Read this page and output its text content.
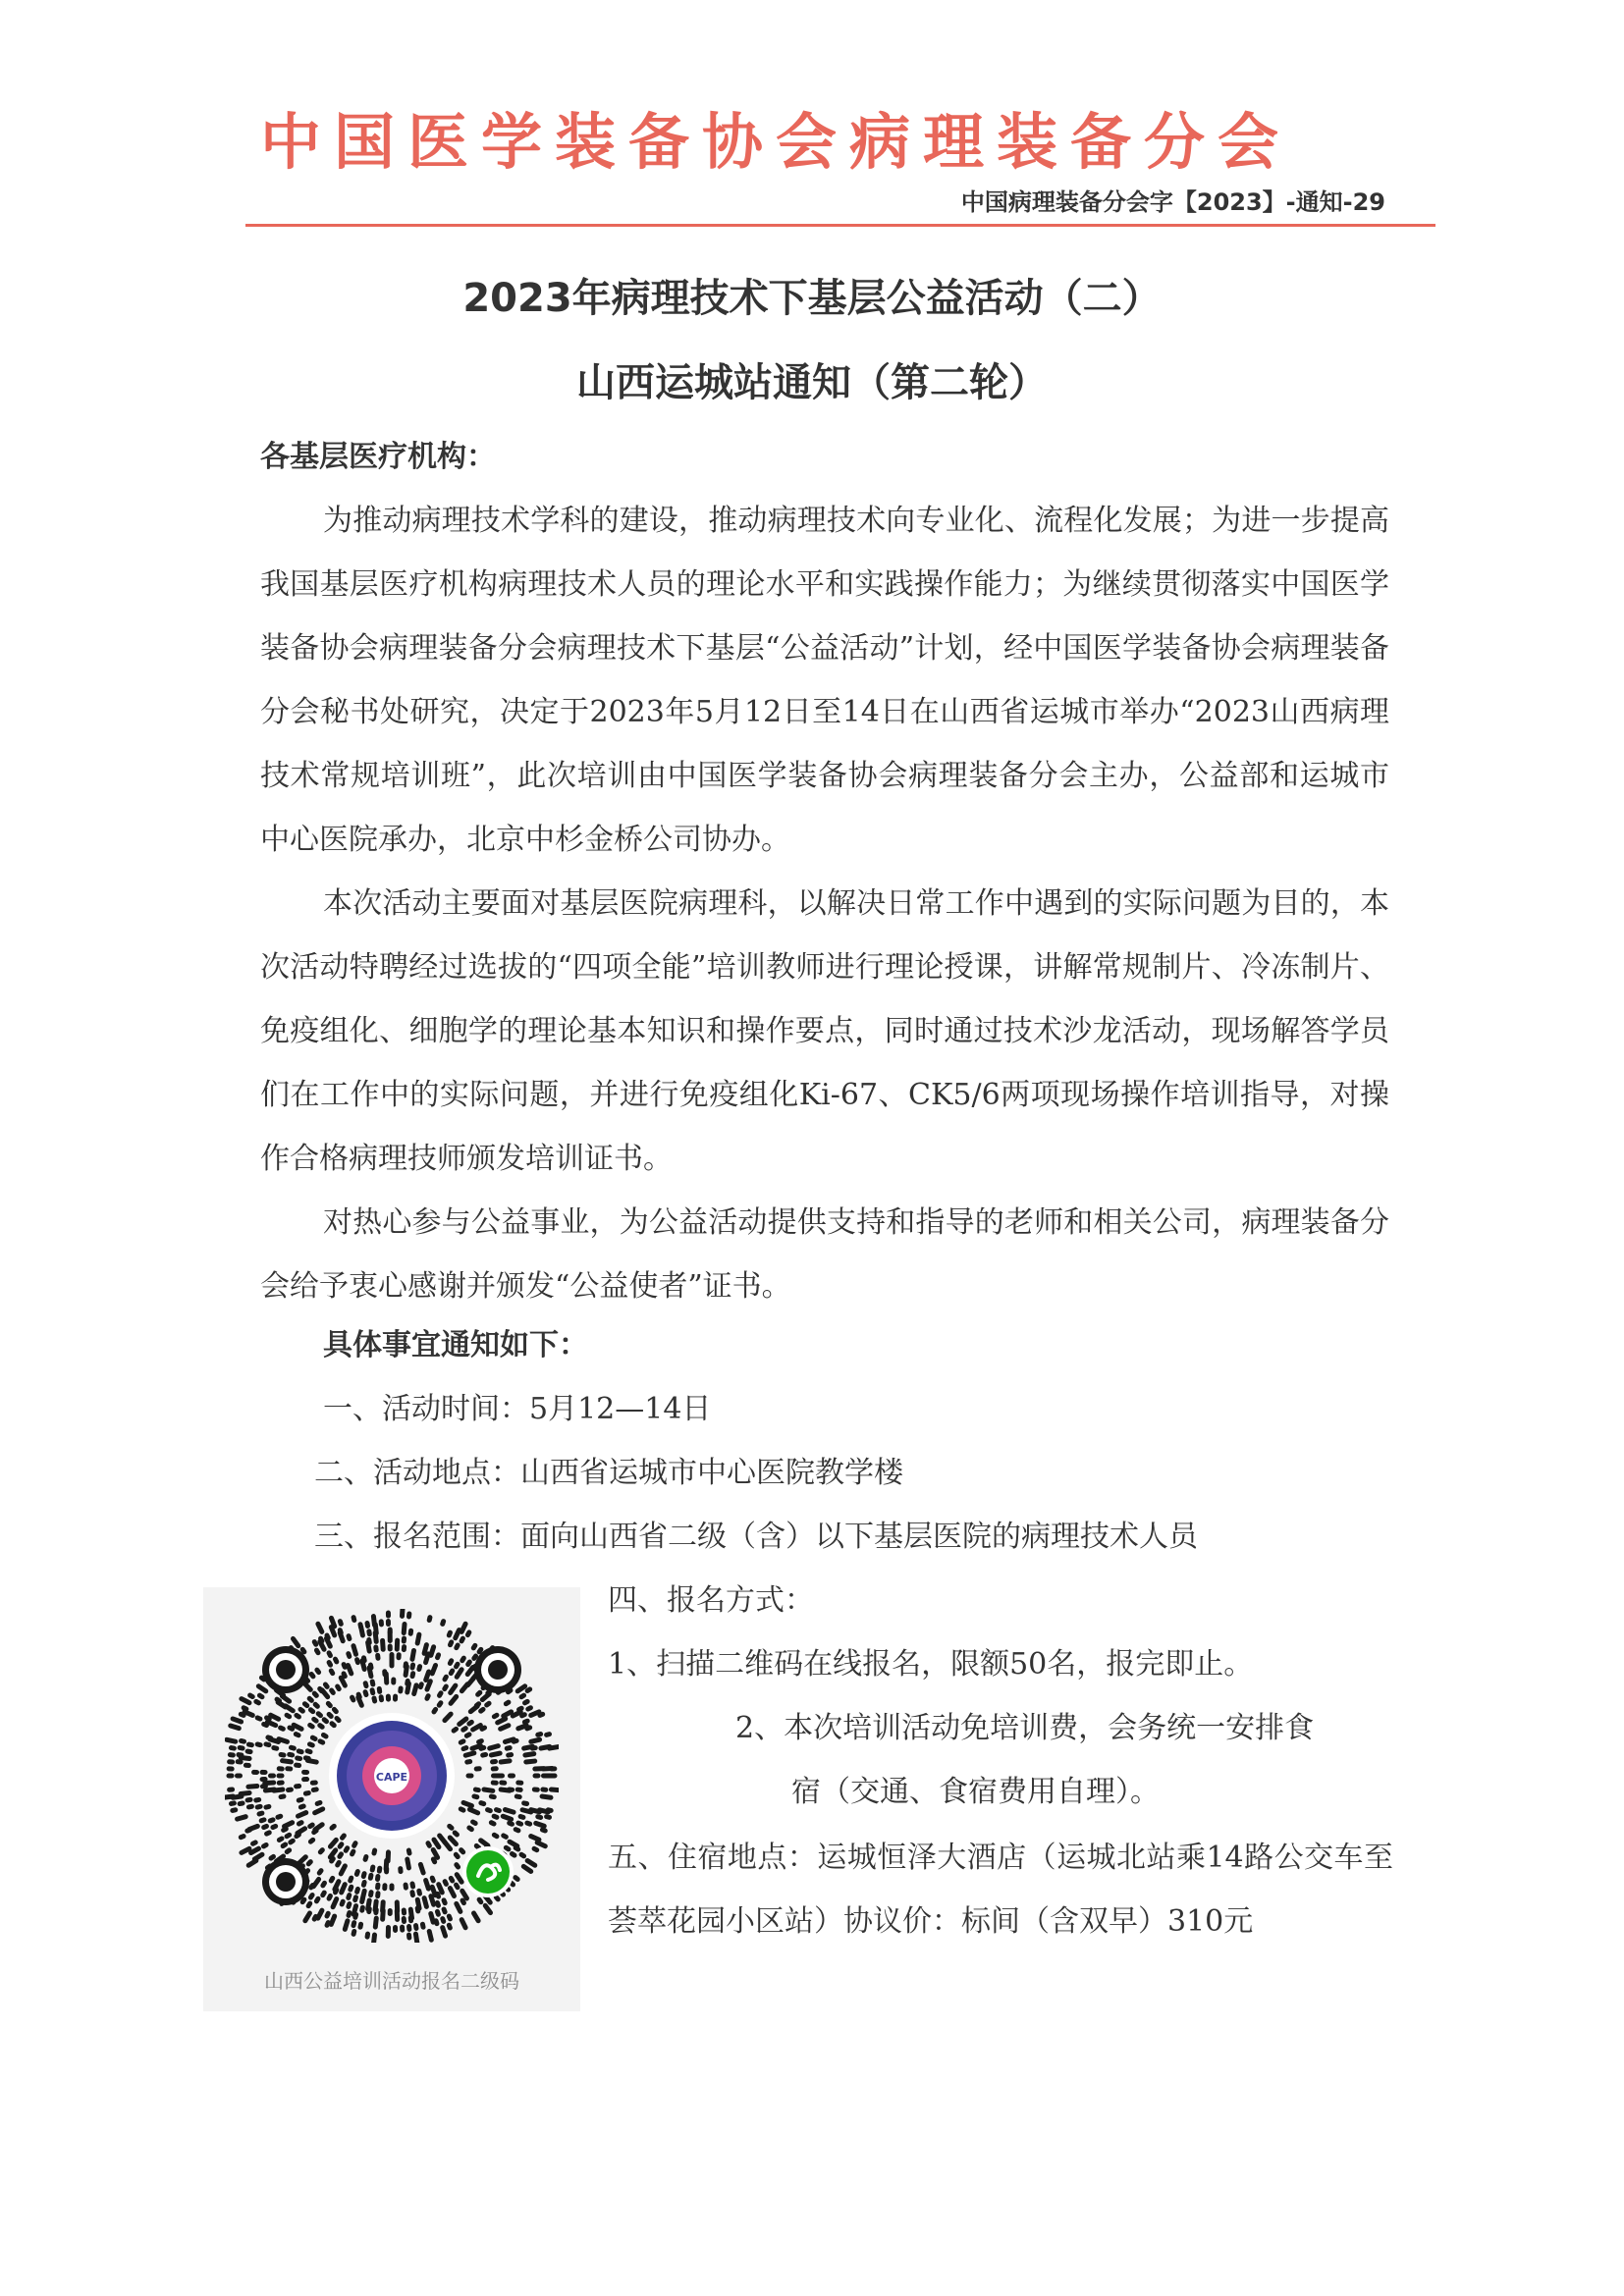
中国医学装备协会病理装备分会
中国病理装备分会字【2023】-通知-29
2023年病理技术下基层公益活动（二）
山西运城站通知（第二轮）
各基层医疗机构：

为推动病理技术学科的建设，推动病理技术向专业化、流程化发展；为进一步提高我国基层医疗机构病理技术人员的理论水平和实践操作能力；为继续贯彻落实中国医学装备协会病理装备分会病理技术下基层“公益活动”计划，经中国医学装备协会病理装备分会秘书处研究，决定于2023年5月12日至14日在山西省运城市举办“2023山西病理技术常规培训班”，此次培训由中国医学装备协会病理装备分会主办，公益部和运城市中心医院承办，北京中杉金桥公司协办。

本次活动主要面对基层医院病理科，以解决日常工作中遇到的实际问题为目的，本次活动特聘经过选拔的“四项全能”培训教师进行理论授课，讲解常规制片、冷冻制片、免疫组化、细胞学的理论基本知识和操作要点，同时通过技术沙龙活动，现场解答学员们在工作中的实际问题，并进行免疫组化Ki-67、CK5/6两项现场操作培训指导，对操作合格病理技师颁发培训证书。

对热心参与公益事业，为公益活动提供支持和指导的老师和相关公司，病理装备分会给予衷心感谢并颁发“公益使者”证书。

具体事宜通知如下：
一、活动时间：5月12—14日
二、活动地点：山西省运城市中心医院教学楼
三、报名范围：面向山西省二级（含）以下基层医院的病理技术人员
四、报名方式：
1、扫描二维码在线报名，限额50名，报完即止。
2、本次培训活动免培训费，会务统一安排食
宿（交通、食宿费用自理）。

五、住宿地点：运城恒泽大酒店（运城北站乘14路公交车至荟萃花园小区站）协议价：标间（含双早）310元

CAPE
山西公益培训活动报名二级码
